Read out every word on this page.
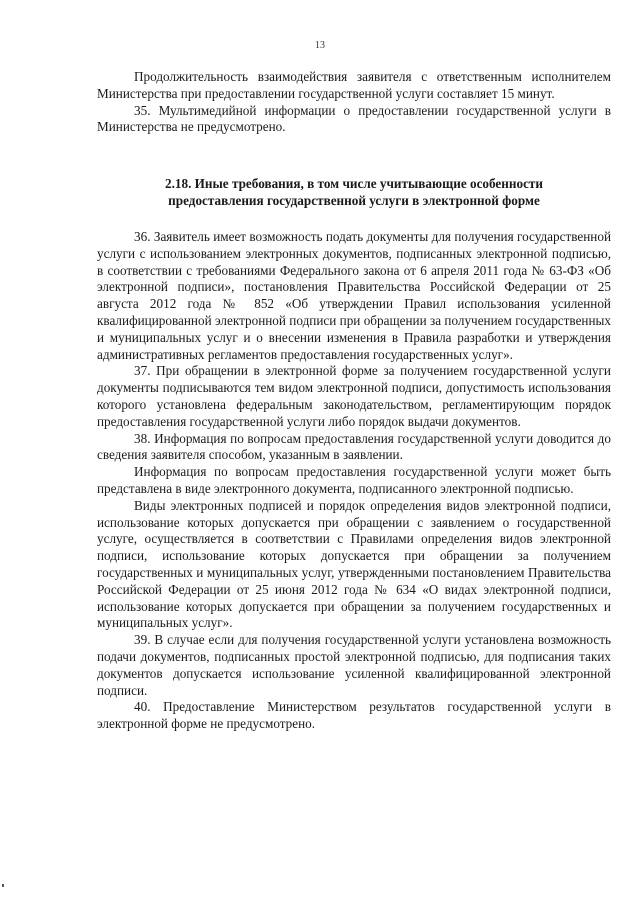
13

Продолжительность взаимодействия заявителя с ответственным исполнителем Министерства при предоставлении государственной услуги составляет 15 минут.

35. Мультимедийной информации о предоставлении государственной услуги в Министерства не предусмотрено.

2.18. Иные требования, в том числе учитывающие особенности
предоставления государственной услуги в электронной форме

36. Заявитель имеет возможность подать документы для получения государственной услуги с использованием электронных документов, подписанных электронной подписью, в соответствии с требованиями Федерального закона от 6 апреля 2011 года № 63-ФЗ «Об электронной подписи», постановления Правительства Российской Федерации от 25 августа 2012 года № 852 «Об утверждении Правил использования усиленной квалифицированной электронной подписи при обращении за получением государственных и муниципальных услуг и о внесении изменения в Правила разработки и утверждения административных регламентов предоставления государственных услуг».

37. При обращении в электронной форме за получением государственной услуги документы подписываются тем видом электронной подписи, допустимость использования которого установлена федеральным законодательством, регламентирующим порядок предоставления государственной услуги либо порядок выдачи документов.

38. Информация по вопросам предоставления государственной услуги доводится до сведения заявителя способом, указанным в заявлении.

Информация по вопросам предоставления государственной услуги может быть представлена в виде электронного документа, подписанного электронной подписью.

Виды электронных подписей и порядок определения видов электронной подписи, использование которых допускается при обращении с заявлением о государственной услуге, осуществляется в соответствии с Правилами определения видов электронной подписи, использование которых допускается при обращении за получением государственных и муниципальных услуг, утвержденными постановлением Правительства Российской Федерации от 25 июня 2012 года № 634 «О видах электронной подписи, использование которых допускается при обращении за получением государственных и муниципальных услуг».

39. В случае если для получения государственной услуги установлена возможность подачи документов, подписанных простой электронной подписью, для подписания таких документов допускается использование усиленной квалифицированной электронной подписи.

40. Предоставление Министерством результатов государственной услуги в электронной форме не предусмотрено.
